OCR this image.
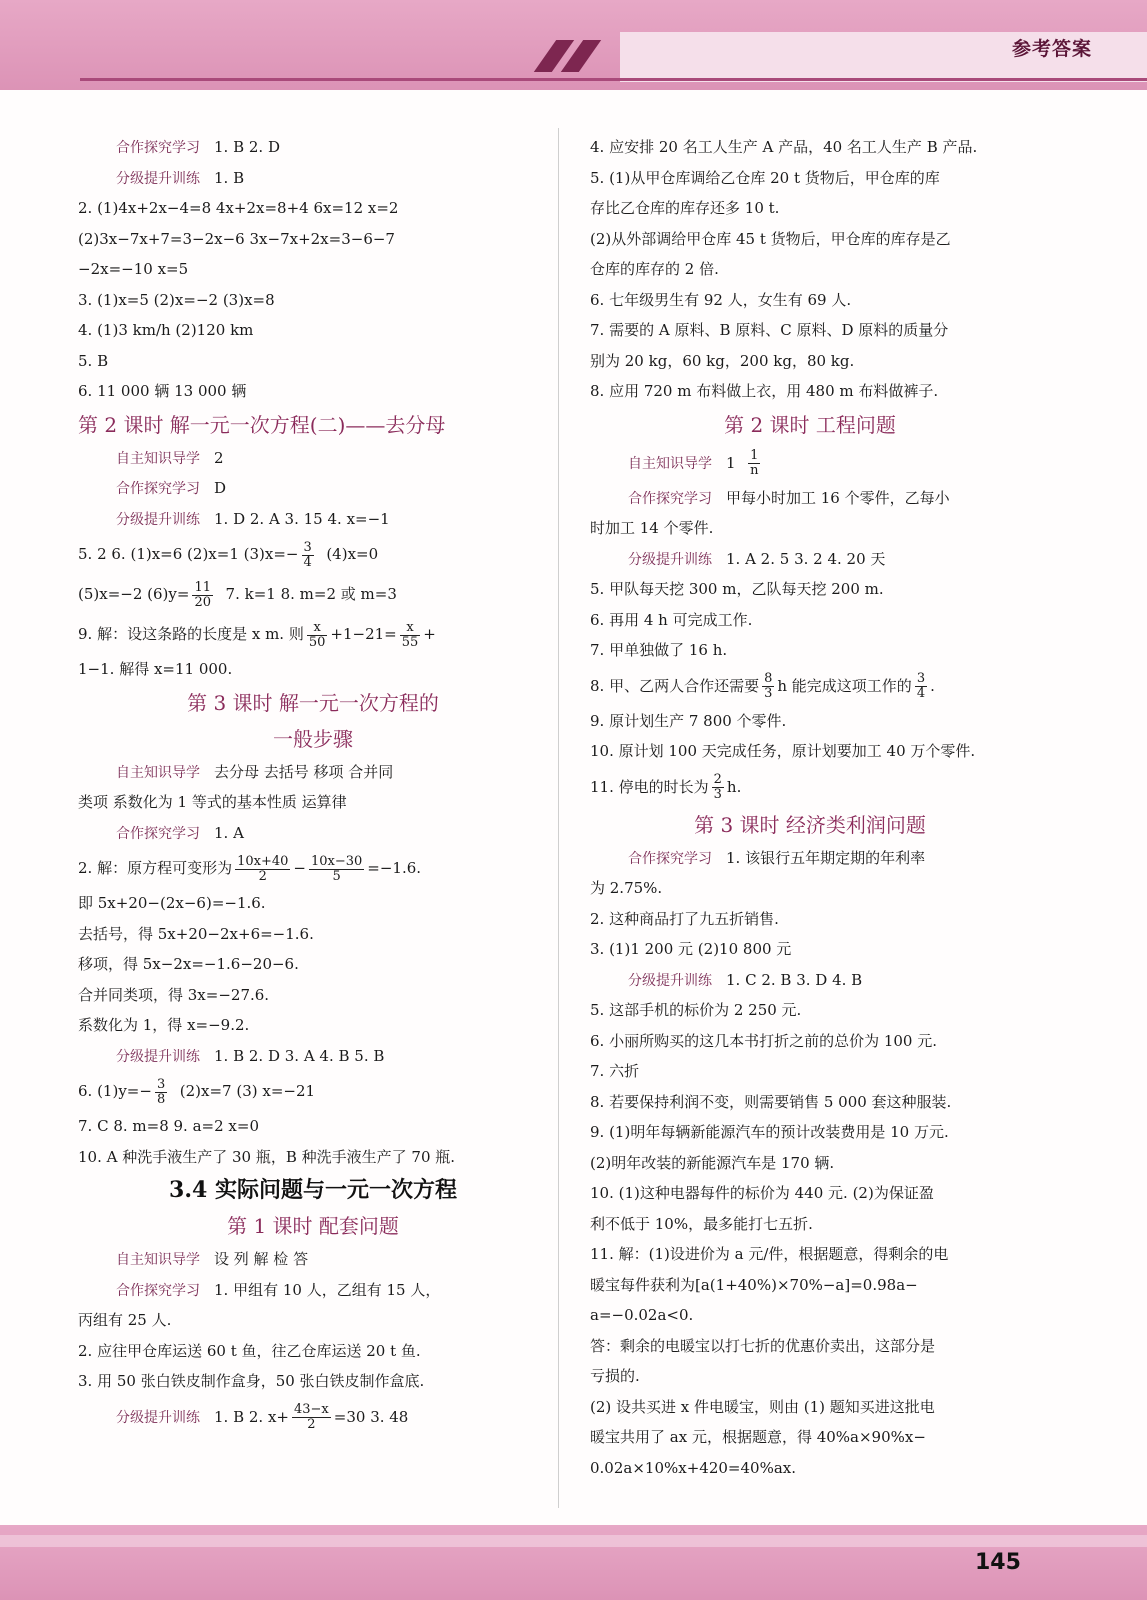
参考答案
合作探究学习 1. B 2. D
分级提升训练 1. B
2. (1)4x+2x−4=8 4x+2x=8+4 6x=12 x=2
(2)3x−7x+7=3−2x−6 3x−7x+2x=3−6−7
−2x=−10 x=5
3. (1)x=5 (2)x=−2 (3)x=8
4. (1)3 km/h (2)120 km
5. B
6. 11 000 辆 13 000 辆
第 2 课时 解一元一次方程(二)——去分母
自主知识导学 2
合作探究学习 D
分级提升训练 1. D 2. A 3. 15 4. x=−1
5. 2 6. (1)x=6 (2)x=1 $(3)x=- \frac{3}{4} (4)x=0$
(5)x=−2 $(6)y= \frac{11}{20} 7$. k=1 8. m=2 或 m=3
9. 解：设这条路的长度是 x m. 则 $\frac{x}{50} +1-21= \frac{x}{55}$ +
1−1. 解得 x=11 000.
第 3 课时 解一元一次方程的
一般步骤
自主知识导学 去分母 去括号 移项 合并同
类项 系数化为 1 等式的基本性质 运算律
合作探究学习 1. A
2. 解：原方程可变形为 $\frac{10x+40}{2} - \frac{10x-30}{5} =-1.6$.
即 5x+20−(2x−6)=−1.6.
去括号，得 5x+20−2x+6=−1.6.
移项，得 5x−2x=−1.6−20−6.
合并同类项，得 3x=−27.6.
系数化为 1，得 x=−9.2.
分级提升训练 1. B 2. D 3. A 4. B 5. B
6. $(1)y=- \frac{3}{8} (2)x=7$ (3) x=−21
7. C 8. m=8 9. a=2 x=0
10. A 种洗手液生产了 30 瓶，B 种洗手液生产了 70 瓶.
3.4 实际问题与一元一次方程
第 1 课时 配套问题
自主知识导学 设 列 解 检 答
合作探究学习 1. 甲组有 10 人，乙组有 15 人，
丙组有 25 人.
2. 应往甲仓库运送 60 t 鱼，往乙仓库运送 20 t 鱼.
3. 用 50 张白铁皮制作盒身，50 张白铁皮制作盒底.
分级提升训练 1. B 2. $x+ \frac{43-x}{2} =30$ 3. 48
4. 应安排 20 名工人生产 A 产品，40 名工人生产 B 产品.
5. (1)从甲仓库调给乙仓库 20 t 货物后，甲仓库的库
存比乙仓库的库存还多 10 t.
(2)从外部调给甲仓库 45 t 货物后，甲仓库的库存是乙
仓库的库存的 2 倍.
6. 七年级男生有 92 人，女生有 69 人.
7. 需要的 A 原料、B 原料、C 原料、D 原料的质量分
别为 20 kg，60 kg，200 kg，80 kg.
8. 应用 720 m 布料做上衣，用 480 m 布料做裤子.
第 2 课时 工程问题
自主知识导学 $1 \frac{1}{n}$
合作探究学习 甲每小时加工 16 个零件，乙每小
时加工 14 个零件.
分级提升训练 1. A 2. 5 3. 2 4. 20 天
5. 甲队每天挖 300 m，乙队每天挖 200 m.
6. 再用 4 h 可完成工作.
7. 甲单独做了 16 h.
8. 甲、乙两人合作还需要 $\frac{8}{3}$ h 能完成这项工作的 $\frac{3}{4}$ .
9. 原计划生产 7 800 个零件.
10. 原计划 100 天完成任务，原计划要加工 40 万个零件.
11. 停电的时长为 $\frac{2}{3} h$.
第 3 课时 经济类利润问题
合作探究学习 1. 该银行五年期定期的年利率
为 2.75%.
2. 这种商品打了九五折销售.
3. (1)1 200 元 (2)10 800 元
分级提升训练 1. C 2. B 3. D 4. B
5. 这部手机的标价为 2 250 元.
6. 小丽所购买的这几本书打折之前的总价为 100 元.
7. 六折
8. 若要保持利润不变，则需要销售 5 000 套这种服装.
9. (1)明年每辆新能源汽车的预计改装费用是 10 万元.
(2)明年改装的新能源汽车是 170 辆.
10. (1)这种电器每件的标价为 440 元. (2)为保证盈
利不低于 10%，最多能打七五折.
11. 解：(1)设进价为 a 元/件，根据题意，得剩余的电
暖宝每件获利为[a(1+40%)×70%−a]=0.98a−
a=−0.02a<0.
答：剩余的电暖宝以打七折的优惠价卖出，这部分是
亏损的.
(2) 设共买进 x 件电暖宝，则由 (1) 题知买进这批电
暖宝共用了 ax 元，根据题意，得 40%a×90%x−
0.02a×10%x+420=40%ax.
145
